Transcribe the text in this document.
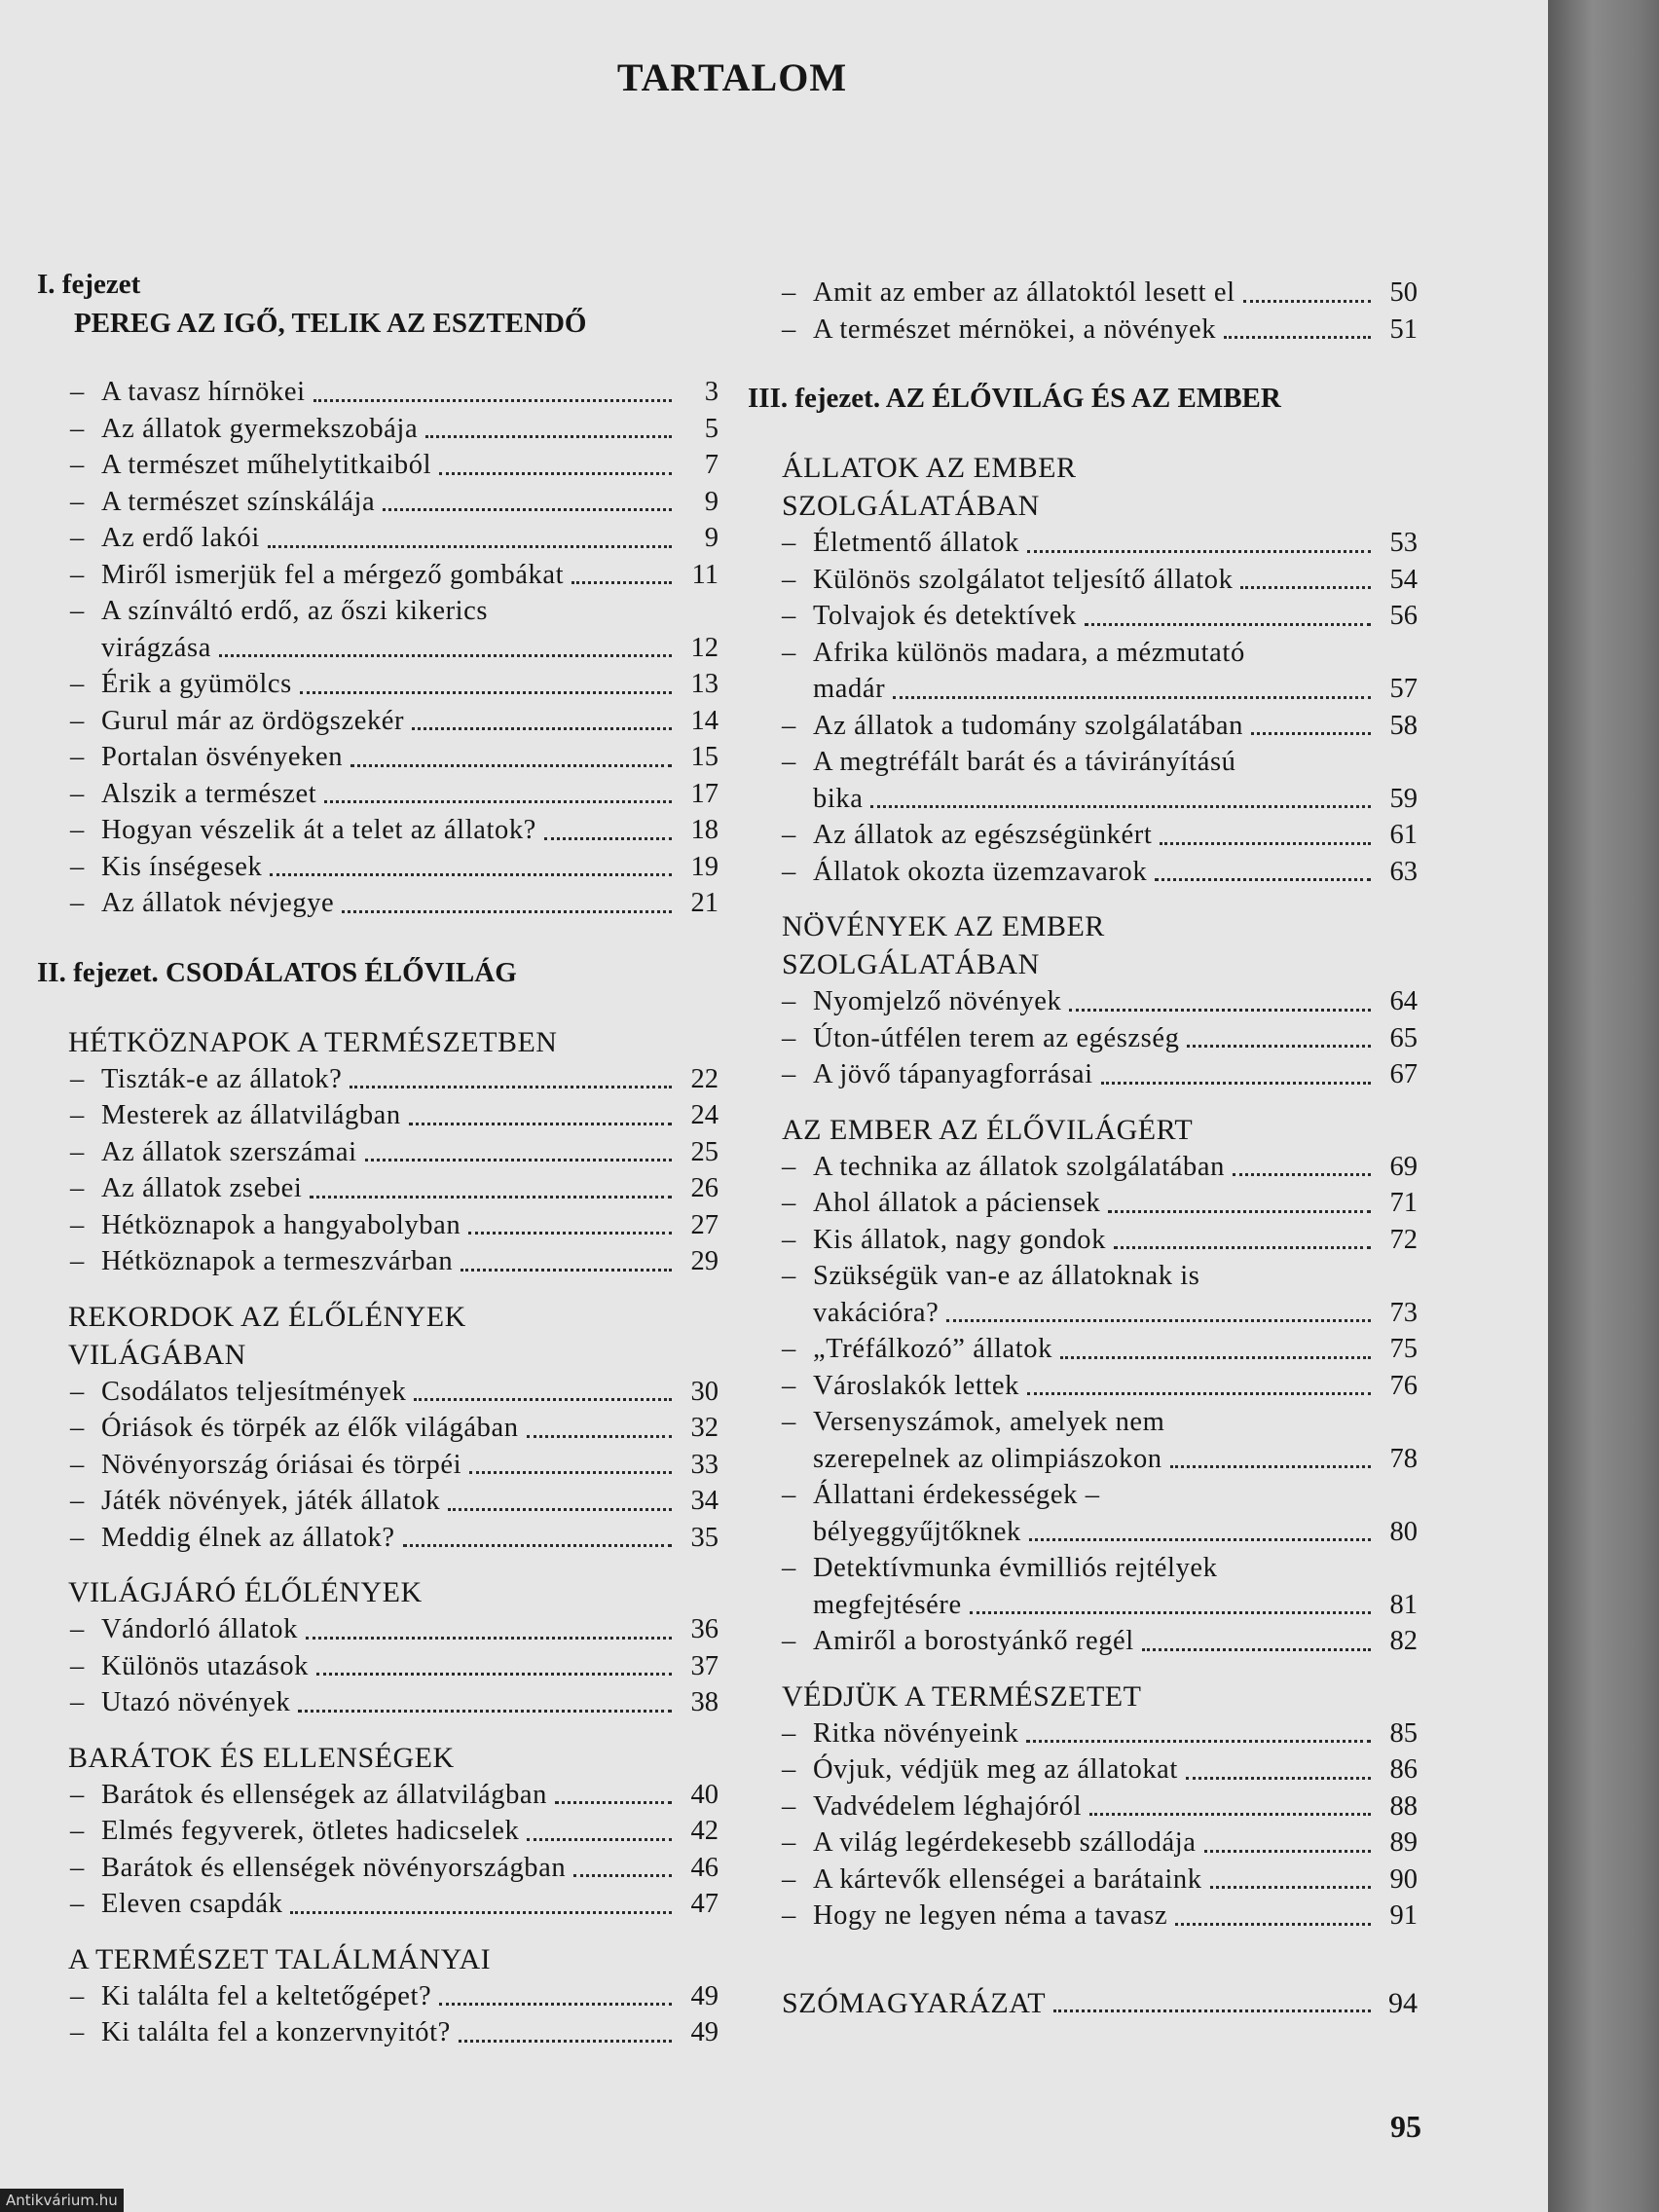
TARTALOM
I. fejezet
PEREG AZ IGŐ, TELIK AZ ESZTENDŐ
– A tavasz hírnökei	3
– Az állatok gyermekszobája	5
– A természet műhelytitkaiból	7
– A természet színskálája	9
– Az erdő lakói	9
– Miről ismerjük fel a mérgező gombákat	11
– A színváltó erdő, az őszi kikerics
virágzása	12
– Érik a gyümölcs	13
– Gurul már az ördögszekér	14
– Portalan ösvényeken	15
– Alszik a természet	17
– Hogyan vészelik át a telet az állatok?	18
– Kis ínségesek	19
– Az állatok névjegye	21
II. fejezet. CSODÁLATOS ÉLŐVILÁG
HÉTKÖZNAPOK A TERMÉSZETBEN
– Tiszták-e az állatok?	22
– Mesterek az állatvilágban	24
– Az állatok szerszámai	25
– Az állatok zsebei	26
– Hétköznapok a hangyabolyban	27
– Hétköznapok a termeszvárban	29
REKORDOK AZ ÉLŐLÉNYEK
VILÁGÁBAN
– Csodálatos teljesítmények	30
– Óriások és törpék az élők világában	32
– Növényország óriásai és törpéi	33
– Játék növények, játék állatok	34
– Meddig élnek az állatok?	35
VILÁGJÁRÓ ÉLŐLÉNYEK
– Vándorló állatok	36
– Különös utazások	37
– Utazó növények	38
BARÁTOK ÉS ELLENSÉGEK
– Barátok és ellenségek az állatvilágban	40
– Elmés fegyverek, ötletes hadicselek	42
– Barátok és ellenségek növényországban	46
– Eleven csapdák	47
A TERMÉSZET TALÁLMÁNYAI
– Ki találta fel a keltetőgépet?	49
– Ki találta fel a konzervnyitót?	49
– Amit az ember az állatoktól lesett el	50
– A természet mérnökei, a növények	51
III. fejezet. AZ ÉLŐVILÁG ÉS AZ EMBER
ÁLLATOK AZ EMBER
SZOLGÁLATÁBAN
– Életmentő állatok	53
– Különös szolgálatot teljesítő állatok	54
– Tolvajok és detektívek	56
– Afrika különös madara, a mézmutató
madár	57
– Az állatok a tudomány szolgálatában	58
– A megtréfált barát és a távirányítású
bika	59
– Az állatok az egészségünkért	61
– Állatok okozta üzemzavarok	63
NÖVÉNYEK AZ EMBER
SZOLGÁLATÁBAN
– Nyomjelző növények	64
– Úton-útfélen terem az egészség	65
– A jövő tápanyagforrásai	67
AZ EMBER AZ ÉLŐVILÁGÉRT
– A technika az állatok szolgálatában	69
– Ahol állatok a páciensek	71
– Kis állatok, nagy gondok	72
– Szükségük van-e az állatoknak is
vakációra?	73
– „Tréfálkozó” állatok	75
– Városlakók lettek	76
– Versenyszámok, amelyek nem
szerepelnek az olimpiászokon	78
– Állattani érdekességek –
bélyeggyűjtőknek	80
– Detektívmunka évmilliós rejtélyek
megfejtésére	81
– Amiről a borostyánkő regél	82
VÉDJÜK A TERMÉSZETET
– Ritka növényeink	85
– Óvjuk, védjük meg az állatokat	86
– Vadvédelem léghajóról	88
– A világ legérdekesebb szállodája	89
– A kártevők ellenségei a barátaink	90
– Hogy ne legyen néma a tavasz	91
SZÓMAGYARÁZAT	94
95
Antikvárium.hu
